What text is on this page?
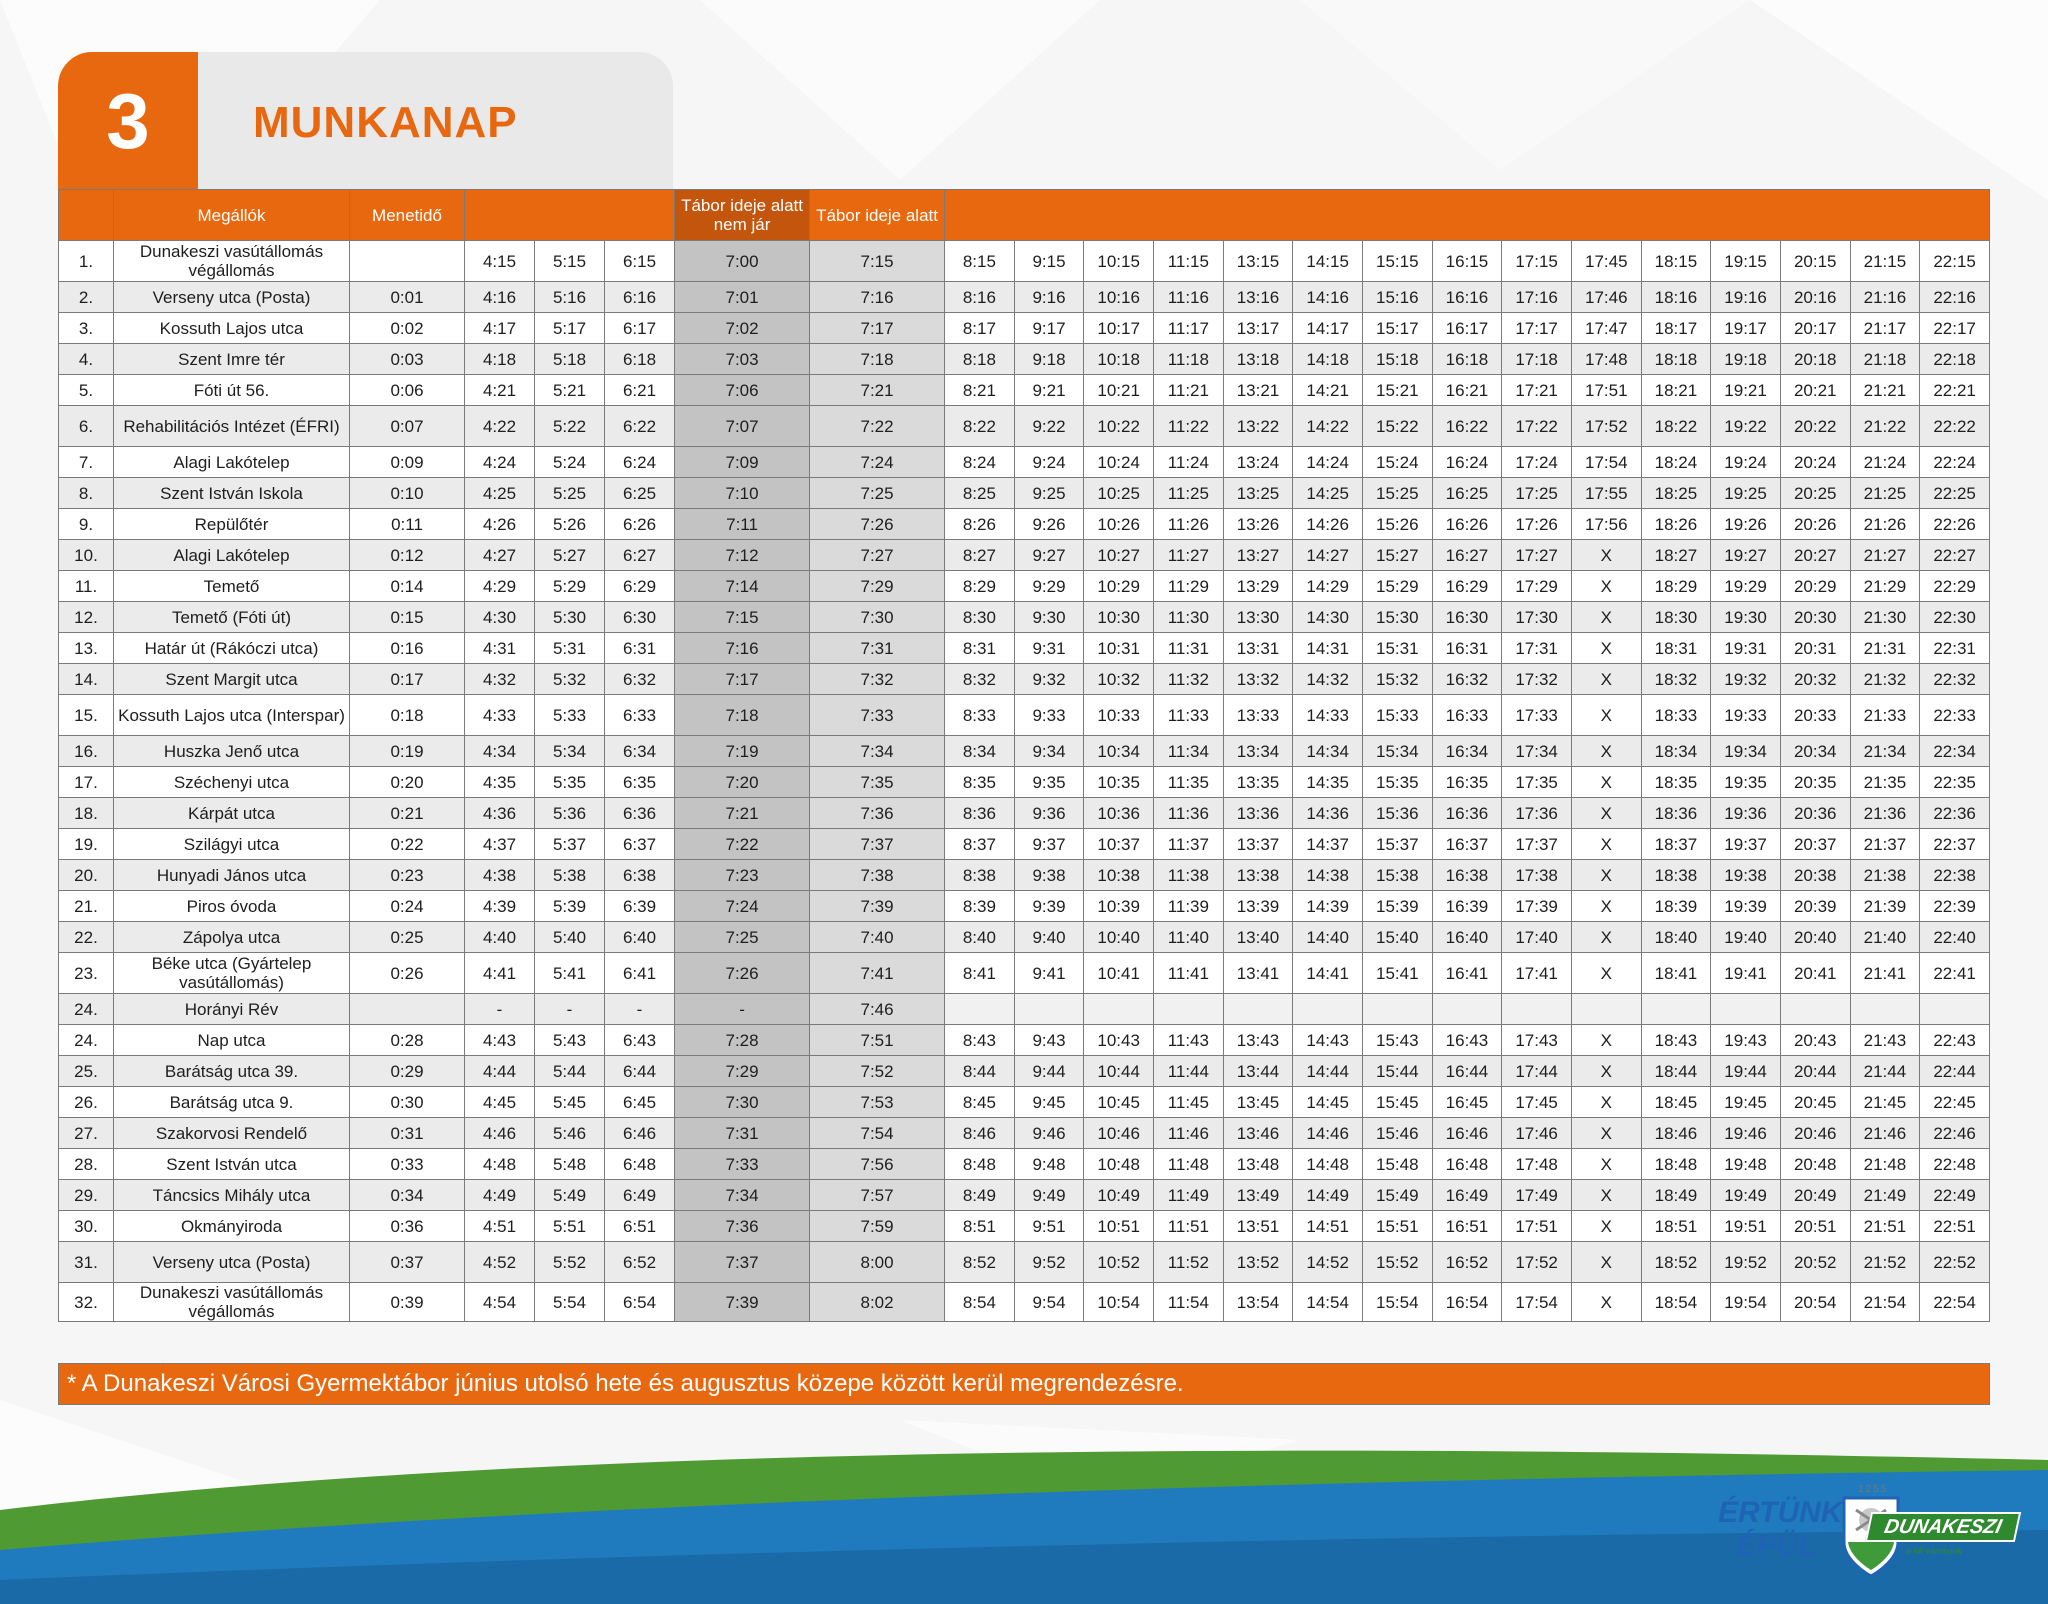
3	MUNKANAP
	Megállók	Menetidő				Tábor ideje alatt nem jár	Tábor ideje alatt															
1.	Dunakeszi vasútállomás végállomás		4:15	5:15	6:15	7:00	7:15	8:15	9:15	10:15	11:15	13:15	14:15	15:15	16:15	17:15	17:45	18:15	19:15	20:15	21:15	22:15
2.	Verseny utca (Posta)	0:01	4:16	5:16	6:16	7:01	7:16	8:16	9:16	10:16	11:16	13:16	14:16	15:16	16:16	17:16	17:46	18:16	19:16	20:16	21:16	22:16
3.	Kossuth Lajos utca	0:02	4:17	5:17	6:17	7:02	7:17	8:17	9:17	10:17	11:17	13:17	14:17	15:17	16:17	17:17	17:47	18:17	19:17	20:17	21:17	22:17
4.	Szent Imre tér	0:03	4:18	5:18	6:18	7:03	7:18	8:18	9:18	10:18	11:18	13:18	14:18	15:18	16:18	17:18	17:48	18:18	19:18	20:18	21:18	22:18
5.	Fóti út 56.	0:06	4:21	5:21	6:21	7:06	7:21	8:21	9:21	10:21	11:21	13:21	14:21	15:21	16:21	17:21	17:51	18:21	19:21	20:21	21:21	22:21
6.	Rehabilitációs Intézet (ÉFRI)	0:07	4:22	5:22	6:22	7:07	7:22	8:22	9:22	10:22	11:22	13:22	14:22	15:22	16:22	17:22	17:52	18:22	19:22	20:22	21:22	22:22
7.	Alagi Lakótelep	0:09	4:24	5:24	6:24	7:09	7:24	8:24	9:24	10:24	11:24	13:24	14:24	15:24	16:24	17:24	17:54	18:24	19:24	20:24	21:24	22:24
8.	Szent István Iskola	0:10	4:25	5:25	6:25	7:10	7:25	8:25	9:25	10:25	11:25	13:25	14:25	15:25	16:25	17:25	17:55	18:25	19:25	20:25	21:25	22:25
9.	Repülőtér	0:11	4:26	5:26	6:26	7:11	7:26	8:26	9:26	10:26	11:26	13:26	14:26	15:26	16:26	17:26	17:56	18:26	19:26	20:26	21:26	22:26
10.	Alagi Lakótelep	0:12	4:27	5:27	6:27	7:12	7:27	8:27	9:27	10:27	11:27	13:27	14:27	15:27	16:27	17:27	X	18:27	19:27	20:27	21:27	22:27
11.	Temető	0:14	4:29	5:29	6:29	7:14	7:29	8:29	9:29	10:29	11:29	13:29	14:29	15:29	16:29	17:29	X	18:29	19:29	20:29	21:29	22:29
12.	Temető (Fóti út)	0:15	4:30	5:30	6:30	7:15	7:30	8:30	9:30	10:30	11:30	13:30	14:30	15:30	16:30	17:30	X	18:30	19:30	20:30	21:30	22:30
13.	Határ út (Rákóczi utca)	0:16	4:31	5:31	6:31	7:16	7:31	8:31	9:31	10:31	11:31	13:31	14:31	15:31	16:31	17:31	X	18:31	19:31	20:31	21:31	22:31
14.	Szent Margit utca	0:17	4:32	5:32	6:32	7:17	7:32	8:32	9:32	10:32	11:32	13:32	14:32	15:32	16:32	17:32	X	18:32	19:32	20:32	21:32	22:32
15.	Kossuth Lajos utca (Interspar)	0:18	4:33	5:33	6:33	7:18	7:33	8:33	9:33	10:33	11:33	13:33	14:33	15:33	16:33	17:33	X	18:33	19:33	20:33	21:33	22:33
16.	Huszka Jenő utca	0:19	4:34	5:34	6:34	7:19	7:34	8:34	9:34	10:34	11:34	13:34	14:34	15:34	16:34	17:34	X	18:34	19:34	20:34	21:34	22:34
17.	Széchenyi utca	0:20	4:35	5:35	6:35	7:20	7:35	8:35	9:35	10:35	11:35	13:35	14:35	15:35	16:35	17:35	X	18:35	19:35	20:35	21:35	22:35
18.	Kárpát utca	0:21	4:36	5:36	6:36	7:21	7:36	8:36	9:36	10:36	11:36	13:36	14:36	15:36	16:36	17:36	X	18:36	19:36	20:36	21:36	22:36
19.	Szilágyi utca	0:22	4:37	5:37	6:37	7:22	7:37	8:37	9:37	10:37	11:37	13:37	14:37	15:37	16:37	17:37	X	18:37	19:37	20:37	21:37	22:37
20.	Hunyadi János utca	0:23	4:38	5:38	6:38	7:23	7:38	8:38	9:38	10:38	11:38	13:38	14:38	15:38	16:38	17:38	X	18:38	19:38	20:38	21:38	22:38
21.	Piros óvoda	0:24	4:39	5:39	6:39	7:24	7:39	8:39	9:39	10:39	11:39	13:39	14:39	15:39	16:39	17:39	X	18:39	19:39	20:39	21:39	22:39
22.	Zápolya utca	0:25	4:40	5:40	6:40	7:25	7:40	8:40	9:40	10:40	11:40	13:40	14:40	15:40	16:40	17:40	X	18:40	19:40	20:40	21:40	22:40
23.	Béke utca (Gyártelep vasútállomás)	0:26	4:41	5:41	6:41	7:26	7:41	8:41	9:41	10:41	11:41	13:41	14:41	15:41	16:41	17:41	X	18:41	19:41	20:41	21:41	22:41
24.	Horányi Rév		-	-	-	-	7:46															
24.	Nap utca	0:28	4:43	5:43	6:43	7:28	7:51	8:43	9:43	10:43	11:43	13:43	14:43	15:43	16:43	17:43	X	18:43	19:43	20:43	21:43	22:43
25.	Barátság utca 39.	0:29	4:44	5:44	6:44	7:29	7:52	8:44	9:44	10:44	11:44	13:44	14:44	15:44	16:44	17:44	X	18:44	19:44	20:44	21:44	22:44
26.	Barátság utca 9.	0:30	4:45	5:45	6:45	7:30	7:53	8:45	9:45	10:45	11:45	13:45	14:45	15:45	16:45	17:45	X	18:45	19:45	20:45	21:45	22:45
27.	Szakorvosi Rendelő	0:31	4:46	5:46	6:46	7:31	7:54	8:46	9:46	10:46	11:46	13:46	14:46	15:46	16:46	17:46	X	18:46	19:46	20:46	21:46	22:46
28.	Szent István utca	0:33	4:48	5:48	6:48	7:33	7:56	8:48	9:48	10:48	11:48	13:48	14:48	15:48	16:48	17:48	X	18:48	19:48	20:48	21:48	22:48
29.	Táncsics Mihály utca	0:34	4:49	5:49	6:49	7:34	7:57	8:49	9:49	10:49	11:49	13:49	14:49	15:49	16:49	17:49	X	18:49	19:49	20:49	21:49	22:49
30.	Okmányiroda	0:36	4:51	5:51	6:51	7:36	7:59	8:51	9:51	10:51	11:51	13:51	14:51	15:51	16:51	17:51	X	18:51	19:51	20:51	21:51	22:51
31.	Verseny utca (Posta)	0:37	4:52	5:52	6:52	7:37	8:00	8:52	9:52	10:52	11:52	13:52	14:52	15:52	16:52	17:52	X	18:52	19:52	20:52	21:52	22:52
32.	Dunakeszi vasútállomás végállomás	0:39	4:54	5:54	6:54	7:39	8:02	8:54	9:54	10:54	11:54	13:54	14:54	15:54	16:54	17:54	X	18:54	19:54	20:54	21:54	22:54
* A Dunakeszi Városi Gyermektábor június utolsó hete és augusztus közepe között kerül megrendezésre.
ÉRTÜNK
ÉPÜL
1255
DUNAKESZI
a Mi városunk
